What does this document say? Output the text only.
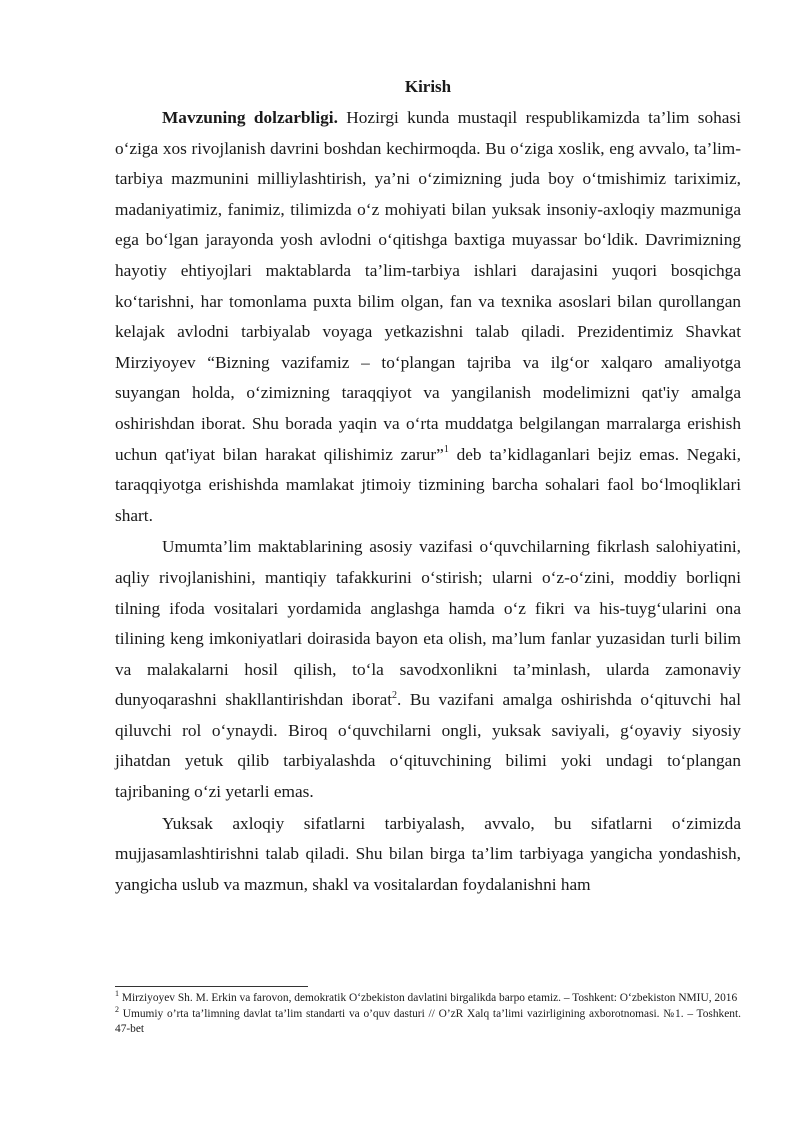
Kirish

Mavzuning dolzarbligi. Hozirgi kunda mustaqil respublikamizda ta’lim sohasi o‘ziga xos rivojlanish davrini boshdan kechirmoqda. Bu o‘ziga xoslik, eng avvalo, ta’lim-tarbiya mazmunini milliylashtirish, ya’ni o‘zimizning juda boy o‘tmishimiz tariximiz, madaniyatimiz, fanimiz, tilimizda o‘z mohiyati bilan yuksak insoniy-axloqiy mazmuniga ega bo‘lgan jarayonda yosh avlodni o‘qitishga baxtiga muyassar bo‘ldik. Davrimizning hayotiy ehtiyojlari maktablarda ta’lim-tarbiya ishlari darajasini yuqori bosqichga ko‘tarishni, har tomonlama puxta bilim olgan, fan va texnika asoslari bilan qurollangan kelajak avlodni tarbiyalab voyaga yetkazishni talab qiladi. Prezidentimiz Shavkat Mirziyoyev “Bizning vazifamiz – to‘plangan tajriba va ilg‘or xalqaro amaliyotga suyangan holda, o‘zimizning taraqqiyot va yangilanish modelimizni qat'iy amalga oshirishdan iborat. Shu borada yaqin va o‘rta muddatga belgilangan marralarga erishish uchun qat'iyat bilan harakat qilishimiz zarur”$^1$ deb ta’kidlaganlari bejiz emas. Negaki, taraqqiyotga erishishda mamlakat jtimoiy tizmining barcha sohalari faol bo‘lmoqliklari shart.

Umumta’lim maktablarining asosiy vazifasi o‘quvchilarning fikrlash salohiyatini, aqliy rivojlanishini, mantiqiy tafakkurini o‘stirish; ularni o‘z-o‘zini, moddiy borliqni tilning ifoda vositalari yordamida anglashga hamda o‘z fikri va his-tuyg‘ularini ona tilining keng imkoniyatlari doirasida bayon eta olish, ma’lum fanlar yuzasidan turli bilim va malakalarni hosil qilish, to‘la savodxonlikni ta’minlash, ularda zamonaviy dunyoqarashni shakllantirishdan iborat$^2$. Bu vazifani amalga oshirishda o‘qituvchi hal qiluvchi rol o‘ynaydi. Biroq o‘quvchilarni ongli, yuksak saviyali, g‘oyaviy siyosiy jihatdan yetuk qilib tarbiyalashda o‘qituvchining bilimi yoki undagi to‘plangan tajribaning o‘zi yetarli emas.

Yuksak axloqiy sifatlarni tarbiyalash, avvalo, bu sifatlarni o‘zimizda mujjasamlashtirishni talab qiladi. Shu bilan birga ta’lim tarbiyaga yangicha yondashish, yangicha uslub va mazmun, shakl va vositalardan foydalanishni ham

$^1$ Mirziyoyev Sh. M. Erkin va farovon, demokratik O‘zbekiston davlatini birgalikda barpo etamiz. – Toshkent: O‘zbekiston NMIU, 2016

$^2$ Umumiy o’rta ta’limning davlat ta’lim standarti va o’quv dasturi // O’zR Xalq ta’limi vazirligining axborotnomasi. №1. – Toshkent. 47-bet
